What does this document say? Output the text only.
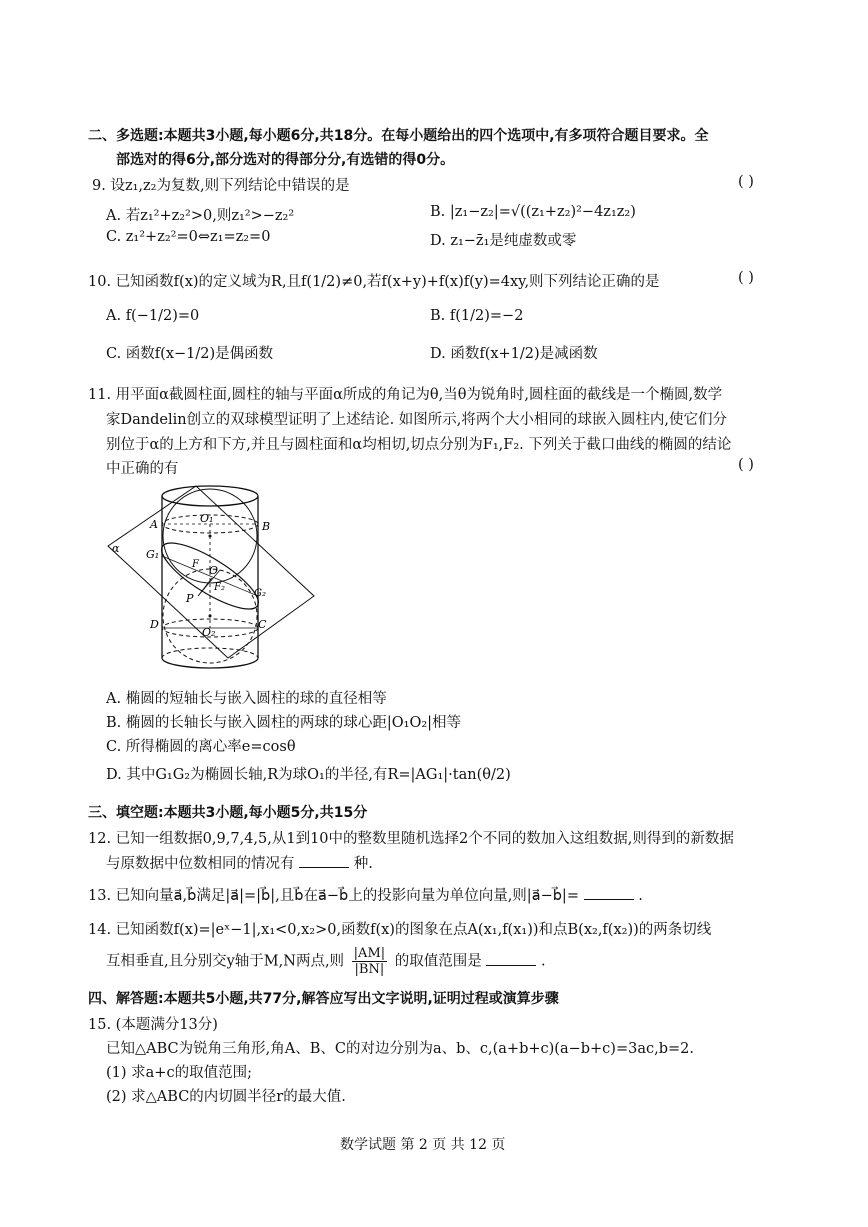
二、多选题:本题共3小题,每小题6分,共18分。在每小题给出的四个选项中,有多项符合题目要求。全
部选对的得6分,部分选对的得部分分,有选错的得0分。
9. 设z₁,z₂为复数,则下列结论中错误的是	( )
A. 若z₁²+z₂²>0,则z₁²>−z₂²	B. |z₁−z₂|=√((z₁+z₂)²−4z₁z₂)
C. z₁²+z₂²=0⇔z₁=z₂=0	D. z₁−z̄₁是纯虚数或零
10. 已知函数f(x)的定义域为R,且f(1/2)≠0,若f(x+y)+f(x)f(y)=4xy,则下列结论正确的是	( )
A. f(−1/2)=0	B. f(1/2)=−2
C. 函数f(x−1/2)是偶函数	D. 函数f(x+1/2)是减函数
11. 用平面α截圆柱面,圆柱的轴与平面α所成的角记为θ,当θ为锐角时,圆柱面的截线是一个椭圆,数学
家Dandelin创立的双球模型证明了上述结论. 如图所示,将两个大小相同的球嵌入圆柱内,使它们分
别位于α的上方和下方,并且与圆柱面和α均相切,切点分别为F₁,F₂. 下列关于截口曲线的椭圆的结论
中正确的有	( )
A	O₁
B
α G₁
F O
F₂
G₂
P
D	C
O₂
A. 椭圆的短轴长与嵌入圆柱的球的直径相等
B. 椭圆的长轴长与嵌入圆柱的两球的球心距|O₁O₂|相等
C. 所得椭圆的离心率e=cosθ
D. 其中G₁G₂为椭圆长轴,R为球O₁的半径,有R=|AG₁|·tan(θ/2)
三、填空题:本题共3小题,每小题5分,共15分
12. 已知一组数据0,9,7,4,5,从1到10中的整数里随机选择2个不同的数加入这组数据,则得到的新数据
与原数据中位数相同的情况有	种.
13. 已知向量a⃗,b⃗满足|a⃗|=|b⃗|,且b⃗在a⃗−b⃗上的投影向量为单位向量,则|a⃗−b⃗|=	.
14. 已知函数f(x)=|eˣ−1|,x₁<0,x₂>0,函数f(x)的图象在点A(x₁,f(x₁))和点B(x₂,f(x₂))的两条切线
互相垂直,且分别交y轴于M,N两点,则 $\frac{|AM|}{|BN|}$ 的取值范围是	.
四、解答题:本题共5小题,共77分,解答应写出文字说明,证明过程或演算步骤
15. (本题满分13分)
已知△ABC为锐角三角形,角A、B、C的对边分别为a、b、c,(a+b+c)(a−b+c)=3ac,b=2.
(1) 求a+c的取值范围;
(2) 求△ABC的内切圆半径r的最大值.
数学试题 第 2 页 共 12 页
